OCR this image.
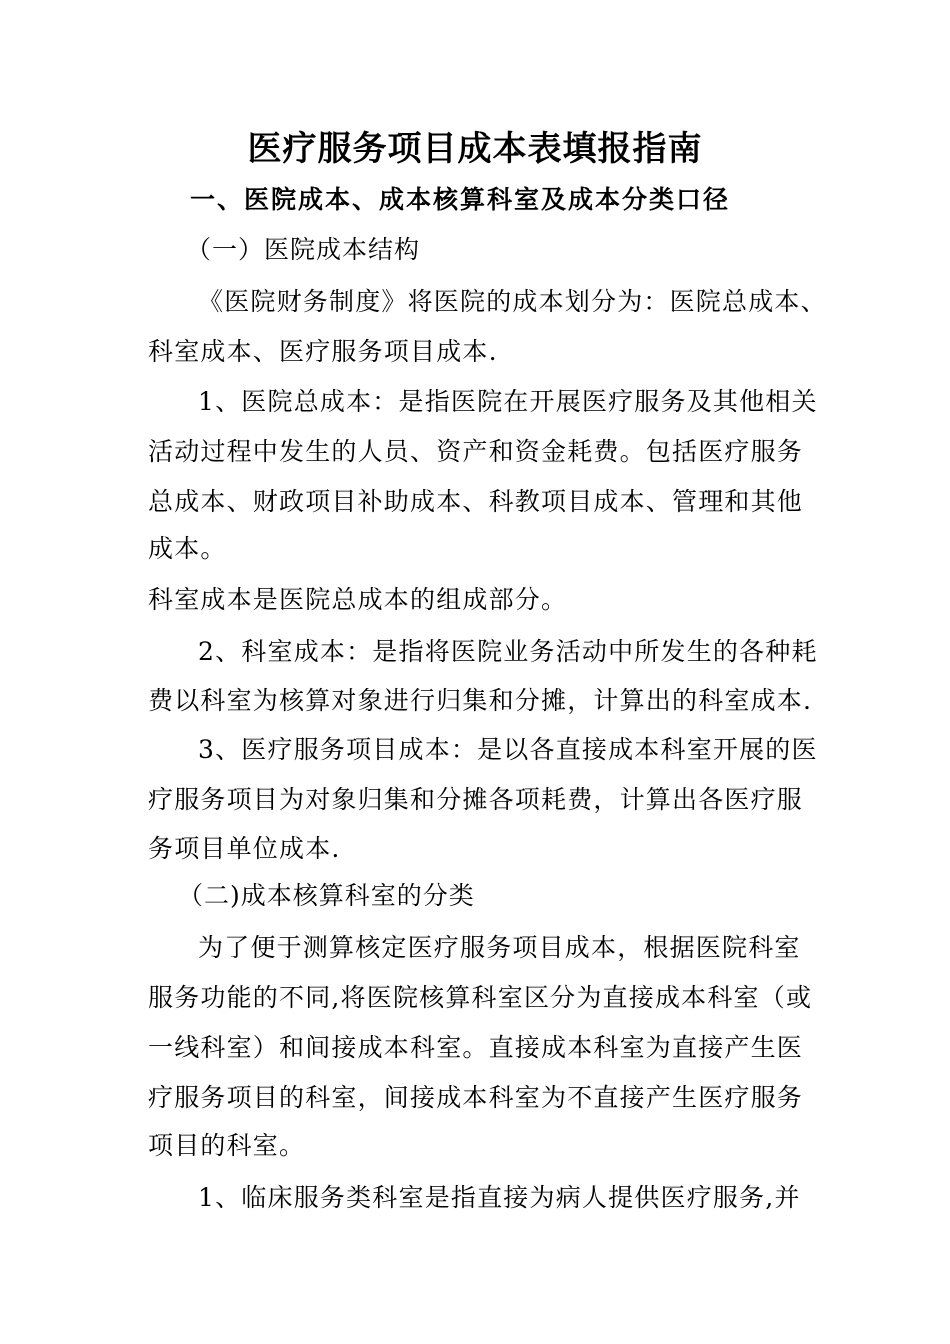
医疗服务项目成本表填报指南
一、医院成本、成本核算科室及成本分类口径
（一）医院成本结构
《医院财务制度》将医院的成本划分为：医院总成本、
科室成本、医疗服务项目成本.
1、医院总成本：是指医院在开展医疗服务及其他相关
活动过程中发生的人员、资产和资金耗费。包括医疗服务
总成本、财政项目补助成本、科教项目成本、管理和其他
成本。
科室成本是医院总成本的组成部分。
2、科室成本：是指将医院业务活动中所发生的各种耗
费以科室为核算对象进行归集和分摊，计算出的科室成本.
3、医疗服务项目成本：是以各直接成本科室开展的医
疗服务项目为对象归集和分摊各项耗费，计算出各医疗服
务项目单位成本.
（二)成本核算科室的分类
为了便于测算核定医疗服务项目成本，根据医院科室
服务功能的不同,将医院核算科室区分为直接成本科室（或
一线科室）和间接成本科室。直接成本科室为直接产生医
疗服务项目的科室，间接成本科室为不直接产生医疗服务
项目的科室。
1、临床服务类科室是指直接为病人提供医疗服务,并
